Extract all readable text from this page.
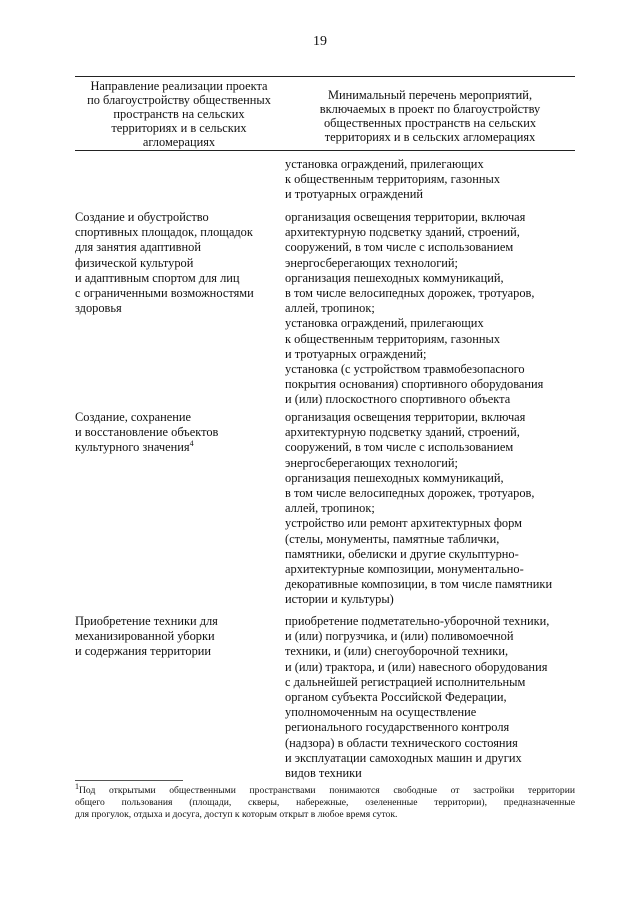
19
Направление реализации проекта
по благоустройству общественных
пространств на сельских
территориях и в сельских
агломерациях
Минимальный перечень мероприятий,
включаемых в проект по благоустройству
общественных пространств на сельских
территориях и в сельских агломерациях
установка ограждений, прилегающих
к общественным территориям, газонных
и тротуарных ограждений
Создание и обустройство
спортивных площадок, площадок
для занятия адаптивной
физической культурой
и адаптивным спортом для лиц
с ограниченными возможностями
здоровья
организация освещения территории, включая
архитектурную подсветку зданий, строений,
сооружений, в том числе с использованием
энергосберегающих технологий;
организация пешеходных коммуникаций,
в том числе велосипедных дорожек, тротуаров,
аллей, тропинок;
установка ограждений, прилегающих
к общественным территориям, газонных
и тротуарных ограждений;
установка (с устройством травмобезопасного
покрытия основания) спортивного оборудования
и (или) плоскостного спортивного объекта
Создание, сохранение
и восстановление объектов
культурного значения$^4$
организация освещения территории, включая
архитектурную подсветку зданий, строений,
сооружений, в том числе с использованием
энергосберегающих технологий;
организация пешеходных коммуникаций,
в том числе велосипедных дорожек, тротуаров,
аллей, тропинок;
устройство или ремонт архитектурных форм
(стелы, монументы, памятные таблички,
памятники, обелиски и другие скульптурно-
архитектурные композиции, монументально-
декоративные композиции, в том числе памятники
истории и культуры)
Приобретение техники для
механизированной уборки
и содержания территории
приобретение подметательно-уборочной техники,
и (или) погрузчика, и (или) поливомоечной
техники, и (или) снегоуборочной техники,
и (или) трактора, и (или) навесного оборудования
с дальнейшей регистрацией исполнительным
органом субъекта Российской Федерации,
уполномоченным на осуществление
регионального государственного контроля
(надзора) в области технического состояния
и эксплуатации самоходных машин и других
видов техники
$^1$Под открытыми общественными пространствами понимаются свободные от застройки территории
общего пользования (площади, скверы, набережные, озелененные территории), предназначенные
для прогулок, отдыха и досуга, доступ к которым открыт в любое время суток.
